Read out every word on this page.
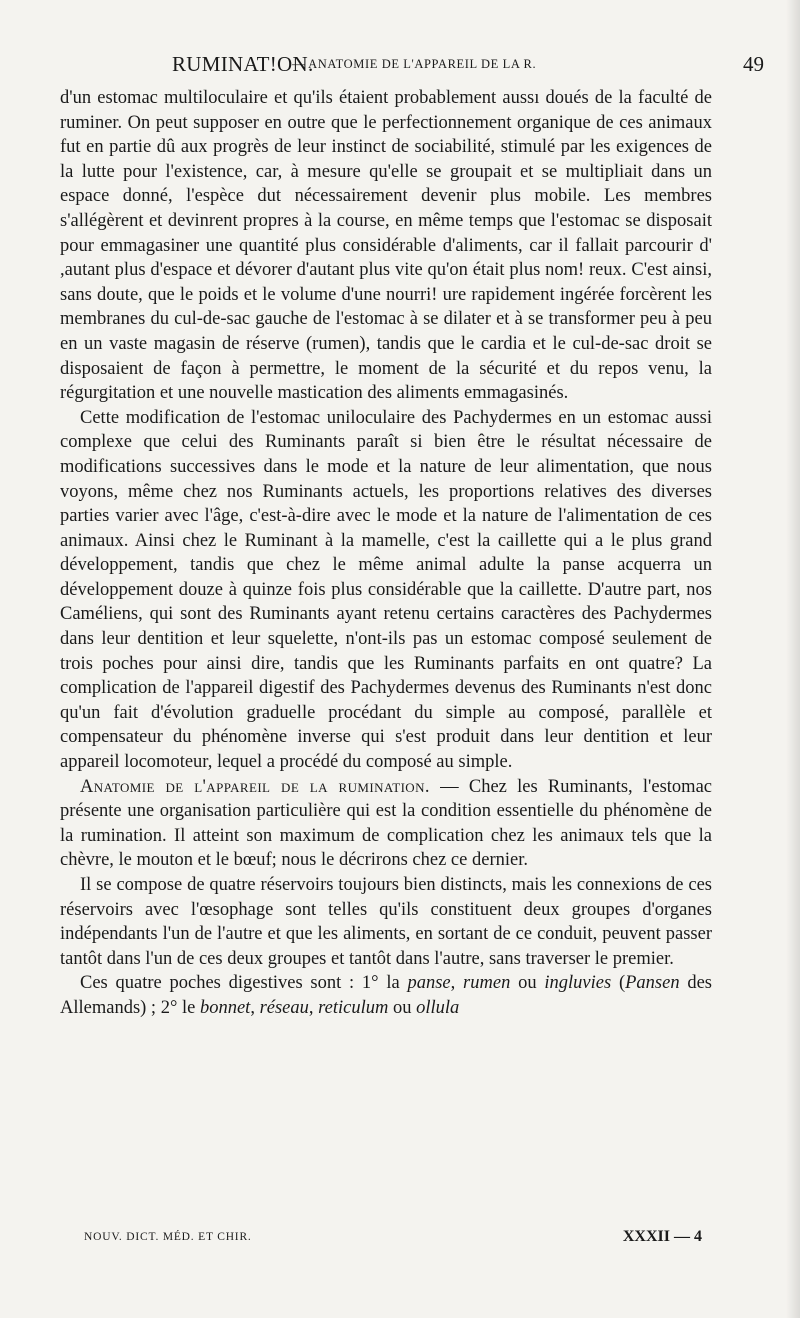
RUMINAT!ON.
— ANATOMIE DE L'APPAREIL DE LA R.	49

d'un estomac multiloculaire et qu'ils étaient probablement aussı doués de la faculté de ruminer. On peut supposer en outre que le perfectionnement organique de ces animaux fut en partie dû aux progrès de leur instinct de sociabilité, stimulé par les exigences de la lutte pour l'existence, car, à mesure qu'elle se groupait et se multipliait dans un espace donné, l'espèce dut nécessairement devenir plus mobile. Les membres s'allégèrent et devinrent propres à la course, en même temps que l'estomac se disposait pour emmagasiner une quantité plus considérable d'aliments, car il fallait parcourir d' ,autant plus d'espace et dévorer d'autant plus vite qu'on était plus nom! reux. C'est ainsi, sans doute, que le poids et le volume d'une nourri! ure rapidement ingérée forcèrent les membranes du cul-de-sac gauche de l'estomac à se dilater et à se transformer peu à peu en un vaste magasin de réserve (rumen), tandis que le cardia et le cul-de-sac droit se disposaient de façon à permettre, le moment de la sécurité et du repos venu, la régurgitation et une nouvelle mastication des aliments emmagasinés.

Cette modification de l'estomac uniloculaire des Pachydermes en un estomac aussi complexe que celui des Ruminants paraît si bien être le résultat nécessaire de modifications successives dans le mode et la nature de leur alimentation, que nous voyons, même chez nos Ruminants actuels, les proportions relatives des diverses parties varier avec l'âge, c'est-à-dire avec le mode et la nature de l'alimentation de ces animaux. Ainsi chez le Ruminant à la mamelle, c'est la caillette qui a le plus grand développement, tandis que chez le même animal adulte la panse acquerra un développement douze à quinze fois plus considérable que la caillette. D'autre part, nos Caméliens, qui sont des Ruminants ayant retenu certains caractères des Pachydermes dans leur dentition et leur squelette, n'ont-ils pas un estomac composé seulement de trois poches pour ainsi dire, tandis que les Ruminants parfaits en ont quatre? La complication de l'appareil digestif des Pachydermes devenus des Ruminants n'est donc qu'un fait d'évolution graduelle procédant du simple au composé, parallèle et compensateur du phénomène inverse qui s'est produit dans leur dentition et leur appareil locomoteur, lequel a procédé du composé au simple.

Anatomie de l'appareil de la rumination. — Chez les Ruminants, l'estomac présente une organisation particulière qui est la condition essentielle du phénomène de la rumination. Il atteint son maximum de complication chez les animaux tels que la chèvre, le mouton et le bœuf; nous le décrirons chez ce dernier.

Il se compose de quatre réservoirs toujours bien distincts, mais les connexions de ces réservoirs avec l'œsophage sont telles qu'ils constituent deux groupes d'organes indépendants l'un de l'autre et que les aliments, en sortant de ce conduit, peuvent passer tantôt dans l'un de ces deux groupes et tantôt dans l'autre, sans traverser le premier.

Ces quatre poches digestives sont : 1° la panse, rumen ou ingluvies (Pansen des Allemands) ; 2° le bonnet, réseau, reticulum ou ollula

NOUV. DICT. MÉD. ET CHIR.	XXXII — 4
